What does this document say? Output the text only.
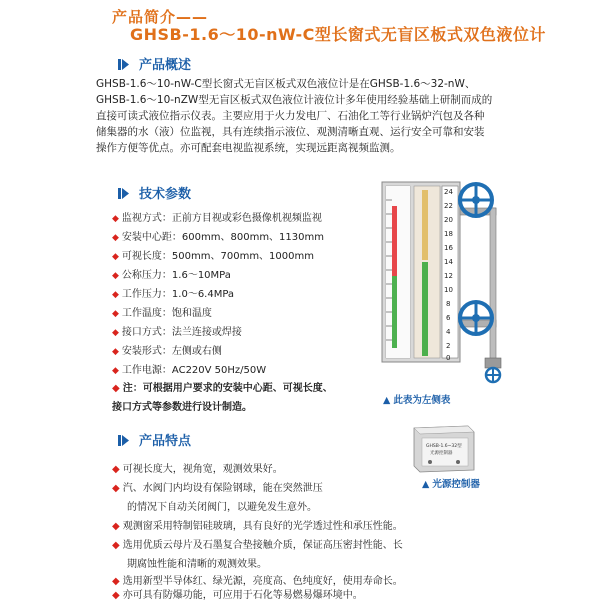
产品简介——
GHSB-1.6～10-nW-C型长窗式无盲区板式双色液位计
产品概述
GHSB-1.6～10-nW-C型长窗式无盲区板式双色液位计是在GHSB-1.6～32-nW、
GHSB-1.6～10-nZW型无盲区板式双色液位计液位计多年使用经验基础上研制而成的
直接可读式液位指示仪表。主要应用于火力发电厂、石油化工等行业锅炉汽包及各种
储集器的水（液）位监视，具有连续指示液位、观测清晰直观、运行安全可靠和安装
操作方便等优点。亦可配套电视监视系统，实现远距离视频监测。
技术参数
◆ 监视方式：正前方目视或彩色摄像机视频监视
◆ 安装中心距：600mm、800mm、1130mm
◆ 可视长度：500mm、700mm、1000mm
◆ 公称压力：1.6～10MPa
◆ 工作压力：1.0～6.4MPa
◆ 工作温度：饱和温度
◆ 接口方式：法兰连接或焊接
◆ 安装形式：左侧或右侧
◆ 工作电源：AC220V 50Hz/50W
◆ 注：可根据用户要求的安装中心距、可视长度、
接口方式等参数进行设计制造。
24
22
20
18
16
14
12
10
8
6
4
2
0
▲ 此表为左侧表
产品特点	GHSB-1.6~32型
光源控制器
▲ 光源控制器
◆ 可视长度大，视角宽，观测效果好。
◆ 汽、水阀门内均设有保险钢球，能在突然泄压
的情况下自动关闭阀门，以避免发生意外。
◆ 观测窗采用特制铝硅玻璃，具有良好的光学透过性和承压性能。
◆ 选用优质云母片及石墨复合垫接触介质，保证高压密封性能、长
期腐蚀性能和清晰的观测效果。
◆ 选用新型半导体红、绿光源，亮度高、色纯度好，使用寿命长。
◆ 亦可具有防爆功能，可应用于石化等易燃易爆环境中。
